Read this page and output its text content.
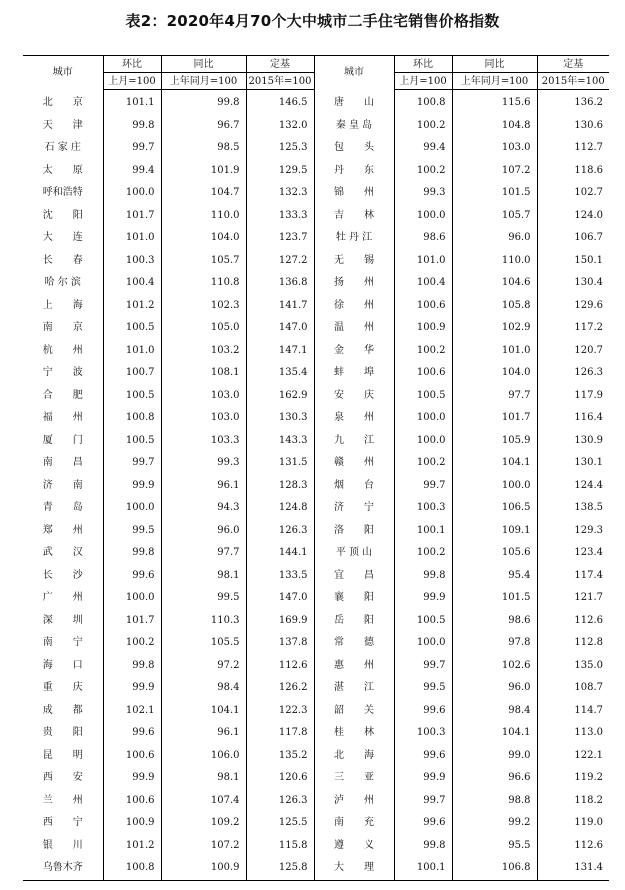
表2：2020年4月70个大中城市二手住宅销售价格指数
城市	环比	同比	定基	城市	环比	同比	定基
	上月=100	上年同月=100	2015年=100		上月=100	上年同月=100	2015年=100
北　　京	101.1	99.8	146.5	唐　　山	100.8	115.6	136.2
天　　津	99.8	96.7	132.0	秦 皇 岛	100.2	104.8	130.6
石 家 庄	99.7	98.5	125.3	包　　头	99.4	103.0	112.7
太　　原	99.4	101.9	129.5	丹　　东	100.2	107.2	118.6
呼和浩特	100.0	104.7	132.3	锦　　州	99.3	101.5	102.7
沈　　阳	101.7	110.0	133.3	吉　　林	100.0	105.7	124.0
大　　连	101.0	104.0	123.7	牡 丹 江	98.6	96.0	106.7
长　　春	100.3	105.7	127.2	无　　锡	101.0	110.0	150.1
哈 尔 滨	100.4	110.8	136.8	扬　　州	100.4	104.6	130.4
上　　海	101.2	102.3	141.7	徐　　州	100.6	105.8	129.6
南　　京	100.5	105.0	147.0	温　　州	100.9	102.9	117.2
杭　　州	101.0	103.2	147.1	金　　华	100.2	101.0	120.7
宁　　波	100.7	108.1	135.4	蚌　　埠	100.6	104.0	126.3
合　　肥	100.5	103.0	162.9	安　　庆	100.5	97.7	117.9
福　　州	100.8	103.0	130.3	泉　　州	100.0	101.7	116.4
厦　　门	100.5	103.3	143.3	九　　江	100.0	105.9	130.9
南　　昌	99.7	99.3	131.5	赣　　州	100.2	104.1	130.1
济　　南	99.9	96.1	128.3	烟　　台	99.7	100.0	124.4
青　　岛	100.0	94.3	124.8	济　　宁	100.3	106.5	138.5
郑　　州	99.5	96.0	126.3	洛　　阳	100.1	109.1	129.3
武　　汉	99.8	97.7	144.1	平 顶 山	100.2	105.6	123.4
长　　沙	99.6	98.1	133.5	宜　　昌	99.8	95.4	117.4
广　　州	100.0	99.5	147.0	襄　　阳	99.9	101.5	121.7
深　　圳	101.7	110.3	169.9	岳　　阳	100.5	98.6	112.6
南　　宁	100.2	105.5	137.8	常　　德	100.0	97.8	112.8
海　　口	99.8	97.2	112.6	惠　　州	99.7	102.6	135.0
重　　庆	99.9	98.4	126.2	湛　　江	99.5	96.0	108.7
成　　都	102.1	104.1	122.3	韶　　关	99.6	98.4	114.7
贵　　阳	99.6	96.1	117.8	桂　　林	100.3	104.1	113.0
昆　　明	100.6	106.0	135.2	北　　海	99.6	99.0	122.1
西　　安	99.9	98.1	120.6	三　　亚	99.9	96.6	119.2
兰　　州	100.6	107.4	126.3	泸　　州	99.7	98.8	118.2
西　　宁	100.9	109.2	125.5	南　　充	99.6	99.2	119.0
银　　川	101.2	107.2	115.8	遵　　义	99.8	95.5	112.6
乌鲁木齐	100.8	100.9	125.8	大　　理	100.1	106.8	131.4
